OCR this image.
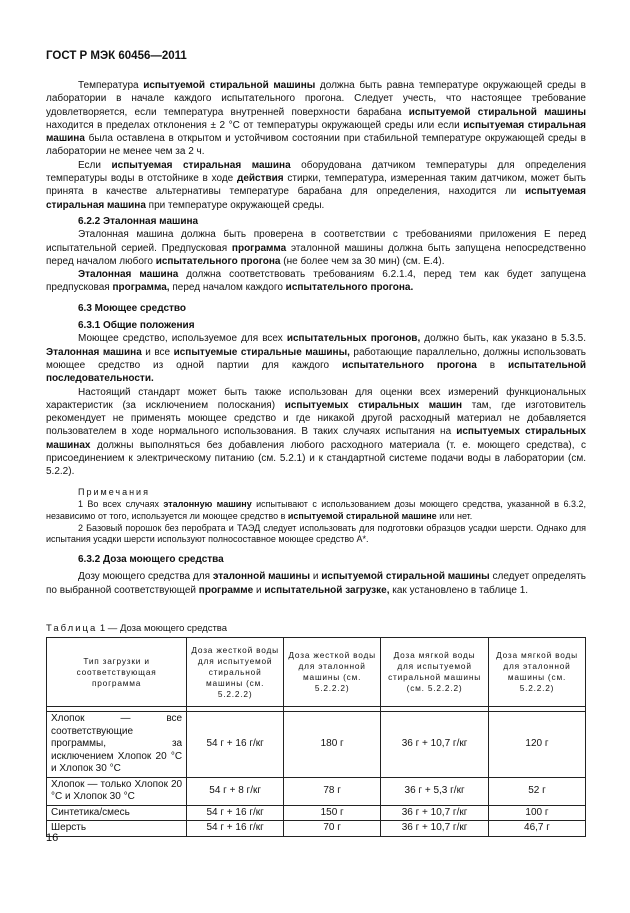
ГОСТ Р МЭК 60456—2011

Температура испытуемой стиральной машины должна быть равна температуре окружающей среды в лаборатории в начале каждого испытательного прогона. Следует учесть, что настоящее требование удовлетворяется, если температура внутренней поверхности барабана испытуемой стиральной машины находится в пределах отклонения ± 2 °С от температуры окружающей среды или если испытуемая стиральная машина была оставлена в открытом и устойчивом состоянии при стабильной температуре окружающей среды в лаборатории не менее чем за 2 ч.

Если испытуемая стиральная машина оборудована датчиком температуры для определения температуры воды в отстойнике в ходе действия стирки, температура, измеренная таким датчиком, может быть принята в качестве альтернативы температуре барабана для определения, находится ли испытуемая стиральная машина при температуре окружающей среды.

6.2.2 Эталонная машина

Эталонная машина должна быть проверена в соответствии с требованиями приложения Е перед испытательной серией. Предпусковая программа эталонной машины должна быть запущена непосредственно перед началом любого испытательного прогона (не более чем за 30 мин) (см. Е.4).

Эталонная машина должна соответствовать требованиям 6.2.1.4, перед тем как будет запущена предпусковая программа, перед началом каждого испытательного прогона.

6.3 Моющее средство
6.3.1 Общие положения

Моющее средство, используемое для всех испытательных прогонов, должно быть, как указано в 5.3.5. Эталонная машина и все испытуемые стиральные машины, работающие параллельно, должны использовать моющее средство из одной партии для каждого испытательного прогона в испытательной последовательности.

Настоящий стандарт может быть также использован для оценки всех измерений функциональных характеристик (за исключением полоскания) испытуемых стиральных машин там, где изготовитель рекомендует не применять моющее средство и где никакой другой расходный материал не добавляется пользователем в ходе нормального использования. В таких случаях испытания на испытуемых стиральных машинах должны выполняться без добавления любого расходного материала (т. е. моющего средства), с присоединением к электрическому питанию (см. 5.2.1) и к стандартной системе подачи воды в лаборатории (см. 5.2.2).

Примечания

1 Во всех случаях эталонную машину испытывают с использованием дозы моющего средства, указанной в 6.3.2, независимо от того, используется ли моющее средство в испытуемой стиральной машине или нет.

2 Базовый порошок без перобрата и ТАЭД следует использовать для подготовки образцов усадки шерсти. Однако для испытания усадки шерсти используют полносоставное моющее средство А*.

6.3.2 Доза моющего средства

Дозу моющего средства для эталонной машины и испытуемой стиральной машины следует определять по выбранной соответствующей программе и испытательной загрузке, как установлено в таблице 1.

Таблица 1 — Доза моющего средства
Тип загрузки и соответствующая программа	Доза жесткой воды для испытуемой стиральной машины (см. 5.2.2.2)	Доза жесткой воды для эталонной машины (см. 5.2.2.2)	Доза мягкой воды для испытуемой стиральной машины (см. 5.2.2.2)	Доза мягкой воды для эталонной машины (см. 5.2.2.2)

Хлопок — все соответствующие программы, за исключением Хлопок 20 °С и Хлопок 30 °С	54 г + 16 г/кг	180 г	36 г + 10,7 г/кг	120 г
Хлопок — только Хлопок 20 °С и Хлопок 30 °С	54 г + 8 г/кг	78 г	36 г + 5,3 г/кг	52 г
Синтетика/смесь	54 г + 16 г/кг	150 г	36 г + 10,7 г/кг	100 г
Шерсть	54 г + 16 г/кг	70 г	36 г + 10,7 г/кг	46,7 г
16
